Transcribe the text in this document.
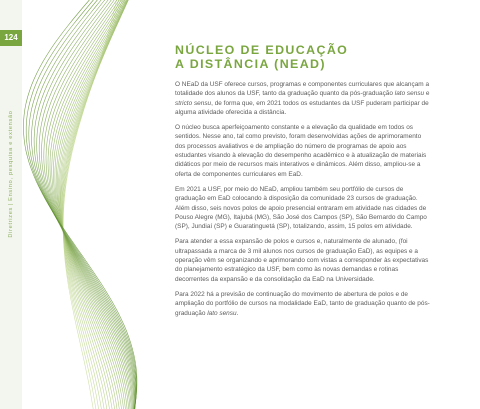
124
Diretrizes|Ensino, pesquisa e extensão
NÚCLEO DE EDUCAÇÃO
A DISTÂNCIA (NEAD)

O NEaD da USF oferece cursos, programas e componentes curriculares que alcançam a totalidade dos alunos da USF, tanto da graduação quanto da pós-graduação lato sensu e stricto sensu, de forma que, em 2021 todos os estudantes da USF puderam participar de alguma atividade oferecida a distância.

O núcleo busca aperfeiçoamento constante e a elevação da qualidade em todos os sentidos. Nesse ano, tal como previsto, foram desenvolvidas ações de aprimoramento dos processos avaliativos e de ampliação do número de programas de apoio aos estudantes visando à elevação do desempenho acadêmico e à atualização de materiais didáticos por meio de recursos mais interativos e dinâmicos. Além disso, ampliou-se a oferta de componentes curriculares em EaD.

Em 2021 a USF, por meio do NEaD, ampliou também seu portfólio de cursos de graduação em EaD colocando à disposição da comunidade 23 cursos de graduação. Além disso, seis novos polos de apoio presencial entraram em atividade nas cidades de Pouso Alegre (MG), Itajubá (MG), São José dos Campos (SP), São Bernardo do Campo (SP), Jundiaí (SP) e Guaratinguetá (SP), totalizando, assim, 15 polos em atividade.

Para atender a essa expansão de polos e cursos e, naturalmente de alunado, (foi ultrapassada a marca de 3 mil alunos nos cursos de graduação EaD), as equipes e a operação vêm se organizando e aprimorando com vistas a corresponder às expectativas do planejamento estratégico da USF, bem como às novas demandas e rotinas decorrentes da expansão e da consolidação da EaD na Universidade.

Para 2022 há a previsão de continuação do movimento de abertura de polos e de ampliação do portfólio de cursos na modalidade EaD, tanto de graduação quanto de pós-graduação lato sensu.
